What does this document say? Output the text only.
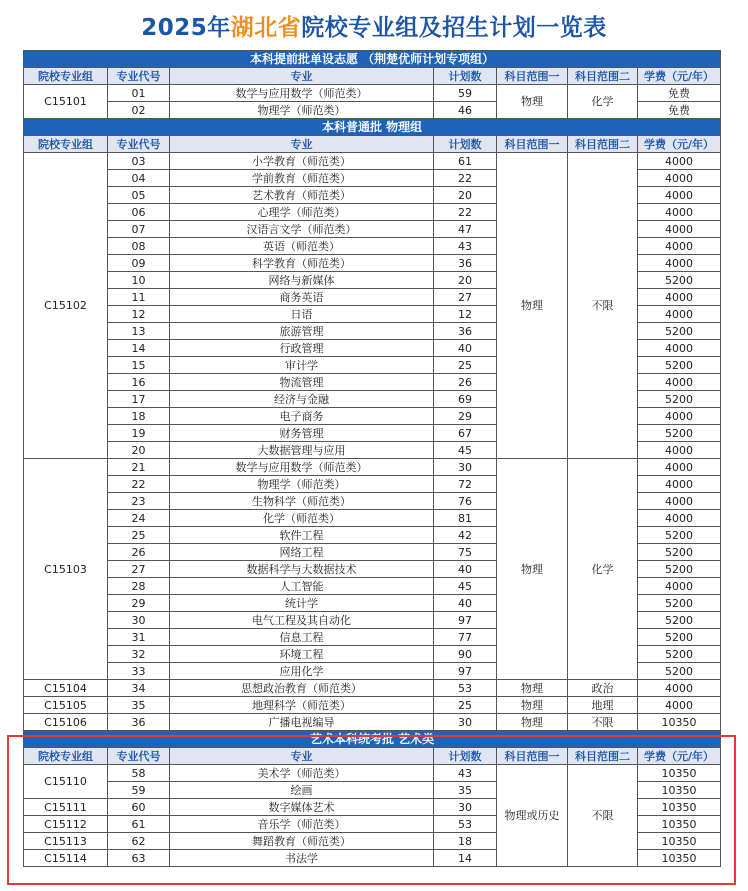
2025年湖北省院校专业组及招生计划一览表
本科提前批单设志愿 （荆楚优师计划专项组）						
院校专业组	专业代号	专业	计划数	科目范围一	科目范围二	学费（元/年）
C15101	01	数学与应用数学（师范类）	59	物理	化学	免费
	02	物理学（师范类）	46			免费
本科普通批 物理组						
院校专业组	专业代号	专业	计划数	科目范围一	科目范围二	学费（元/年）
C15102	03	小学教育（师范类）	61	物理	不限	4000
	04	学前教育（师范类）	22			4000
	05	艺术教育（师范类）	20			4000
	06	心理学（师范类）	22			4000
	07	汉语言文学（师范类）	47			4000
	08	英语（师范类）	43			4000
	09	科学教育（师范类）	36			4000
	10	网络与新媒体	20			5200
	11	商务英语	27			4000
	12	日语	12			4000
	13	旅游管理	36			5200
	14	行政管理	40			4000
	15	审计学	25			5200
	16	物流管理	26			4000
	17	经济与金融	69			5200
	18	电子商务	29			4000
	19	财务管理	67			5200
	20	大数据管理与应用	45			4000
C15103	21	数学与应用数学（师范类）	30	物理	化学	4000
	22	物理学（师范类）	72			4000
	23	生物科学（师范类）	76			4000
	24	化学（师范类）	81			4000
	25	软件工程	42			5200
	26	网络工程	75			5200
	27	数据科学与大数据技术	40			5200
	28	人工智能	45			4000
	29	统计学	40			5200
	30	电气工程及其自动化	97			5200
	31	信息工程	77			5200
	32	环境工程	90			5200
	33	应用化学	97			5200
C15104	34	思想政治教育（师范类）	53	物理	政治	4000
C15105	35	地理科学（师范类）	25	物理	地理	4000
C15106	36	广播电视编导	30	物理	不限	10350
艺术本科统考批 艺术类						
院校专业组	专业代号	专业	计划数	科目范围一	科目范围二	学费（元/年）
C15110	58	美术学（师范类）	43	物理或历史	不限	10350
	59	绘画	35			10350
C15111	60	数字媒体艺术	30			10350
C15112	61	音乐学（师范类）	53			10350
C15113	62	舞蹈教育（师范类）	18			10350
C15114	63	书法学	14			10350
